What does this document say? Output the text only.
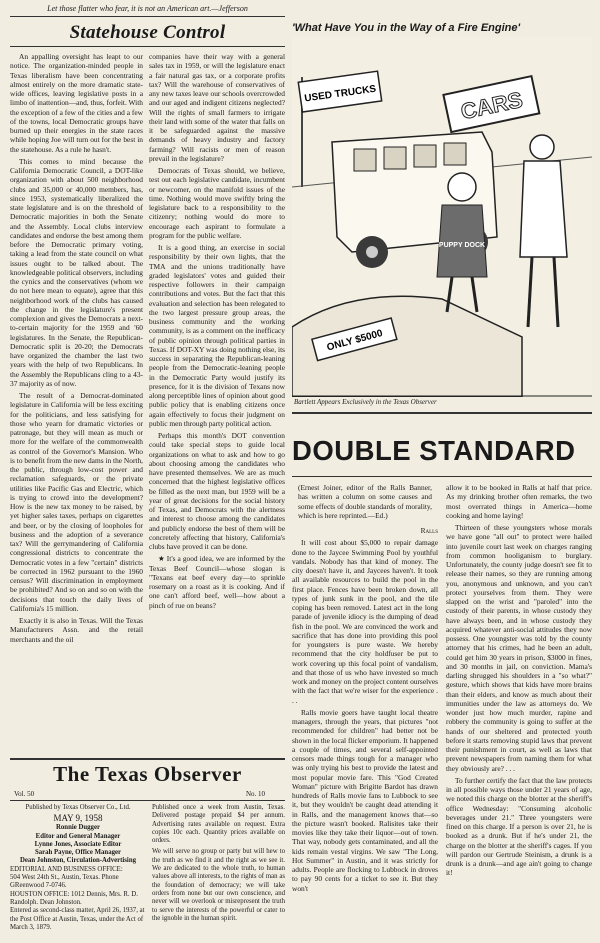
Let those flatter who fear, it is not an American art.—Jefferson
Statehouse Control

An appalling oversight has leapt to our notice. The organization-minded people in Texas liberalism have been concentrating almost entirely on the more dramatic state-wide offices, leaving legislative posts in a limbo of inattention—and, thus, forfeit. With the exception of a few of the cities and a few of the towns, local Democratic groups have burned up their energies in the state races while hoping Joe will turn out for the best in the statehouse. As a rule he hasn't.

This comes to mind because the California Democratic Council, a DOT-like organization with about 500 neighborhood clubs and 35,000 or 40,000 members, has, since 1953, systematically liberalized the state legislature and is on the threshold of Democratic majorities in both the Senate and the Assembly. Local clubs interview candidates and endorse the best among them before the Democratic primary voting, taking a lead from the state council on what issues ought to be talked about. The knowledgeable political observers, including the cynics and the conservatives (whom we do not here mean to equate), agree that this neighborhood work of the clubs has caused the change in the legislature's present complexion and gives the Democrats a next-to-certain majority for the 1959 and '60 legislatures. In the Senate, the Republican-Democratic split is 20-20; the Democrats have organized the chamber the last two years with the help of two Republicans. In the Assembly the Republicans cling to a 43-37 majority as of now.

The result of a Democrat-dominated legislature in California will be less exciting for the politicians, and less satisfying for those who yearn for dramatic victories or patronage, but they will mean as much or more for the welfare of the commonwealth as control of the Governor's Mansion. Who is to benefit from the new dams in the North, the public, through low-cost power and reclamation safeguards, or the private utilities like Pacific Gas and Electric, which is trying to crowd into the development? How is the new tax money to be raised, by yet higher sales taxes, perhaps on cigarettes and beer, or by the closing of loopholes for business and the adoption of a severance tax? Will the gerrymandering of California congressional districts to concentrate the Democratic votes in a few "certain" districts be corrected in 1962 pursuant to the 1960 census? Will discrimination in employment be prohibited? And so on and so on with the decisions that touch the daily lives of California's 15 million.

Exactly it is also in Texas. Will the Texas Manufacturers Assn. and the retail merchants and the oil

companies have their way with a general sales tax in 1959, or will the legislature enact a fair natural gas tax, or a corporate profits tax? Will the warehouse of conservatives of any new taxes leave our schools overcrowded and our aged and indigent citizens neglected? Will the rights of small farmers to irrigate their land with some of the water that falls on it be safeguarded against the massive demands of heavy industry and factory farming? Will racists or men of reason prevail in the legislature?

Democrats of Texas should, we believe, test out each legislative candidate, incumbent or newcomer, on the manifold issues of the time. Nothing would move swiftly bring the legislature back to a responsibility to the citizenry; nothing would do more to encourage each aspirant to formulate a program for the public welfare.

It is a good thing, an exercise in social responsibility by their own lights, that the TMA and the unions traditionally have graded legislators' votes and guided their respective followers in their campaign contributions and votes. But the fact that this evaluation and selection has been relegated to the two largest pressure group areas, the business community and the working community, is as a comment on the inefficacy of public opinion through political parties in Texas. If DOT-XY was doing nothing else, its success in separating the Republican-leaning people from the Democratic-leaning people in the Democratic Party would justify its presence, for it is the division of Texans now along perceptible lines of opinion about good public policy that is enabling citizens once again effectively to focus their judgment on public men through party political action.

Perhaps this month's DOT convention could take special steps to guide local organizations on what to ask and how to go about choosing among the candidates who have presented themselves. We are as much concerned that the highest legislative offices be filled as the next man, but 1959 will be a year of great decisions for the social history of Texas, and Democrats with the alertness and interest to choose among the candidates and publicly endorse the best of them will be concretely affecting that history, California's clubs have proved it can be done.

★ It's a good idea, we are informed by the Texas Beef Council—whose slogan is "Texans eat beef every day—to sprinkle rosemary on a roast as it is cooking. And if one can't afford beef, well—how about a pinch of rue on beans?

'What Have You in the Way of a Fire Engine'
USED TRUCKS	CARS
ONLY $5000
PUPPY DOCK
Bartlett Appears Exclusively in the Texas Observer
DOUBLE STANDARD

(Ernest Joiner, editor of the Ralls Banner, has written a column on some causes and some effects of double standards of morality, which is here reprinted.—Ed.)

Ralls

It will cost about $5,000 to repair damage done to the Jaycee Swimming Pool by youthful vandals. Nobody has that kind of money. The city doesn't have it, and Jaycees haven't. It took all available resources to build the pool in the first place. Fences have been broken down, all types of junk sunk in the pool, and the tile coping has been removed. Latest act in the long parade of juvenile idiocy is the dumping of dead fish in the pool. We are convinced the work and sacrifice that has done into providing this pool for youngsters is pure waste. We hereby recommend that the city holdfuser be put to work covering up this focal point of vandalism, and that those of us who have invested so much work and money on the project content ourselves with the fact that we're wiser for the experience . . .

Ralls movie goers have taught local theatre managers, through the years, that pictures "not recommended for children" had better not be shown in the local flicker emporium. It happened a couple of times, and several self-appointed censors made things tough for a manager who was only trying his best to provide the latest and most popular movie fare. This "God Created Woman" picture with Brigitte Bardot has drawn hundreds of Ralls movie fans to Lubbock to see it, but they wouldn't be caught dead attending it in Ralls, and the management knows that—so the picture wasn't booked. Ralisites take their movies like they take their liquor—out of town. That way, nobody gets contaminated, and all the kids remain vestal virgins. We saw "The Long, Hot Summer" in Austin, and it was strictly for adults. People are flocking to Lubbock in droves to pay 90 cents for a ticket to see it. But they won't

allow it to be booked in Ralls at half that price. As my drinking brother often remarks, the two most overrated things in America—home cooking and home laying!

Thirteen of these youngsters whose morals we have gone "all out" to protect were hailed into juvenile court last week on charges ranging from common hooliganism to burglary. Unfortunately, the county judge doesn't see fit to release their names, so they are running among you, anonymous and unknown, and you can't protect yourselves from them. They were slapped on the wrist and "paroled" into the custody of their parents, in whose custody they have always been, and in whose custody they acquired whatever anti-social attitudes they now possess. One youngster was told by the county attorney that his crimes, had he been an adult, could get him 30 years in prison, $3000 in fines, and 30 months in jail, on conviction. Mama's darling shrugged his shoulders in a "so what?" gesture, which shows that kids have more brains than their elders, and know as much about their immunities under the law as attorneys do. We wonder just how much murder, rapine and robbery the community is going to suffer at the hands of our sheltered and protected youth before it starts removing stupid laws that prevent their punishment in court, as well as laws that prevent newspapers from naming them for what they obviously are? . . .

To further certify the fact that the law protects in all possible ways those under 21 years of age, we noted this charge on the blotter at the sheriff's office Wednesday: "Consuming alcoholic beverages under 21." Three youngsters were fined on this charge. If a person is over 21, he is booked as a drunk. But if he's under 21, the charge on the blotter at the sheriff's cages. If you will pardon our Gertrude Steinism, a drunk is a drunk is a drunk—and age ain't going to change it!

The Texas Observer
Vol. 50	No. 10
Published by Texas Observer Co., Ltd.
MAY 9, 1958
Ronnie Dugger
Editor and General Manager
Lynne Jones, Associate Editor
Sarah Payne, Office Manager
Dean Johnston, Circulation-Advertising
EDITORIAL AND BUSINESS OFFICE:
504 West 24th St., Austin, Texas. Phone GReenwood 7-0746.
HOUSTON OFFICE: 1012 Dennis, Mrs. R. D. Randolph. Dean Johnston.
Entered as second-class matter, April 26, 1937, at the Post Office at Austin, Texas, under the Act of March 3, 1879.
Published once a week from Austin, Texas. Delivered postage prepaid $4 per annum. Advertising rates available on request. Extra copies 10c each. Quantity prices available on orders.
We will serve no group or party but will hew to the truth as we find it and the right as we see it. We are dedicated to the whole truth, to human values above all interests, to the rights of man as the foundation of democracy; we will take orders from none but our own conscience, and never will we overlook or misrepresent the truth to serve the interests of the powerful or cater to the ignoble in the human spirit.
